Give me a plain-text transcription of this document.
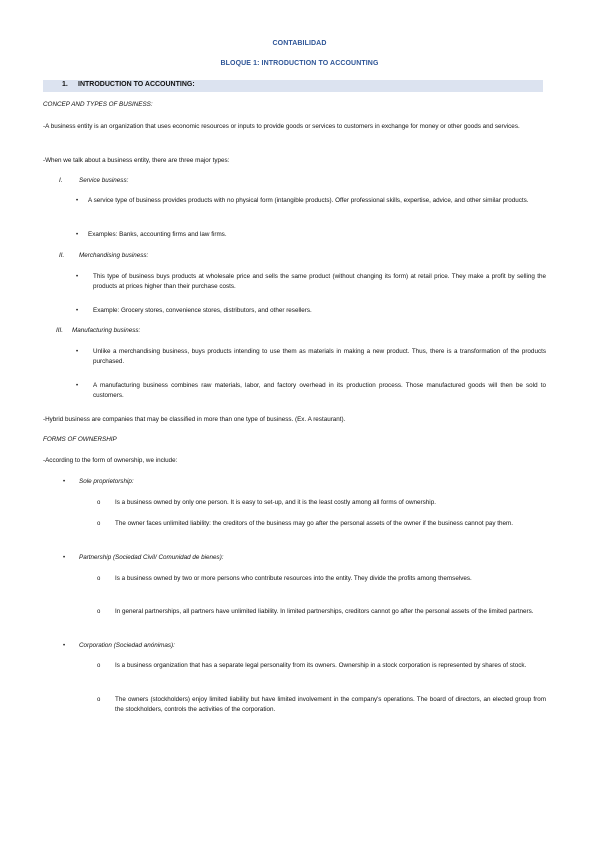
CONTABILIDAD
BLOQUE 1: INTRODUCTION TO ACCOUNTING
1. INTRODUCTION TO ACCOUNTING:
CONCEP AND TYPES OF BUSINESS:
-A business entity is an organization that uses economic resources or inputs to provide goods or services to customers in exchange for money or other goods and services.
-When we talk about a business entity, there are three major types:
I.	Service business:
• A service type of business provides products with no physical form (intangible products). Offer professional skills, expertise, advice, and other similar products.
• Examples: Banks, accounting firms and law firms.
II. Merchandising business:
• This type of business buys products at wholesale price and sells the same product (without changing its form) at retail price. They make a profit by selling the products at prices higher than their purchase costs.
• Example: Grocery stores, convenience stores, distributors, and other resellers.
III. Manufacturing business:
• Unlike a merchandising business, buys products intending to use them as materials in making a new product. Thus, there is a transformation of the products purchased.
• A manufacturing business combines raw materials, labor, and factory overhead in its production process. Those manufactured goods will then be sold to customers.
-Hybrid business are companies that may be classified in more than one type of business. (Ex. A restaurant).
FORMS OF OWNERSHIP
-According to the form of ownership, we include:
• Sole proprietorship:
o Is a business owned by only one person. It is easy to set-up, and it is the least costly among all forms of ownership.
o The owner faces unlimited liability: the creditors of the business may go after the personal assets of the owner if the business cannot pay them.
• Partnership (Sociedad Civil/ Comunidad de bienes):
o Is a business owned by two or more persons who contribute resources into the entity. They divide the profits among themselves.
o In general partnerships, all partners have unlimited liability. In limited partnerships, creditors cannot go after the personal assets of the limited partners.
• Corporation (Sociedad anónimas):
o Is a business organization that has a separate legal personality from its owners. Ownership in a stock corporation is represented by shares of stock.
o The owners (stockholders) enjoy limited liability but have limited involvement in the company's operations. The board of directors, an elected group from the stockholders, controls the activities of the corporation.
